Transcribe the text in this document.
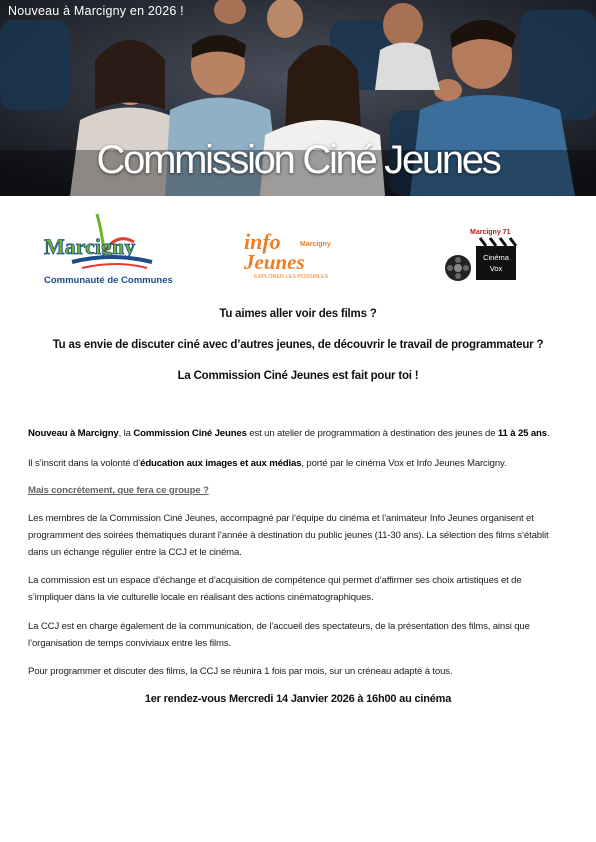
Nouveau à Marcigny en 2026 !
Commission Ciné Jeunes
Marcigny
Communauté de Communes
info	Marcigny
Jeunes
EXPLORER LES POSSIBLES
Marcigny 71
Cinéma
Vox
Tu aimes aller voir des films ?
Tu as envie de discuter ciné avec d’autres jeunes, de découvrir le travail de programmateur ?
La Commission Ciné Jeunes est fait pour toi !
Nouveau à Marcigny, la Commission Ciné Jeunes est un atelier de programmation à destination des jeunes de 11 à 25 ans.
Il s’inscrit dans la volonté d’éducation aux images et aux médias, porté par le cinéma Vox et Info Jeunes Marcigny.
Mais concrètement, que fera ce groupe ?
Les membres de la Commission Ciné Jeunes, accompagné par l’équipe du cinéma et l’animateur Info Jeunes organisent et programment des soirées thématiques durant l’année à destination du public jeunes (11-30 ans). La sélection des films s’établit dans un échange régulier entre la CCJ et le cinéma.
La commission est un espace d’échange et d’acquisition de compétence qui permet d’affirmer ses choix artistiques et de s’impliquer dans la vie culturelle locale en réalisant des actions cinématographiques.
La CCJ est en charge également de la communication, de l’accueil des spectateurs, de la présentation des films, ainsi que l’organisation de temps conviviaux entre les films.
Pour programmer et discuter des films, la CCJ se réunira 1 fois par mois, sur un créneau adapté à tous.
1er rendez-vous Mercredi 14 Janvier 2026 à 16h00 au cinéma
